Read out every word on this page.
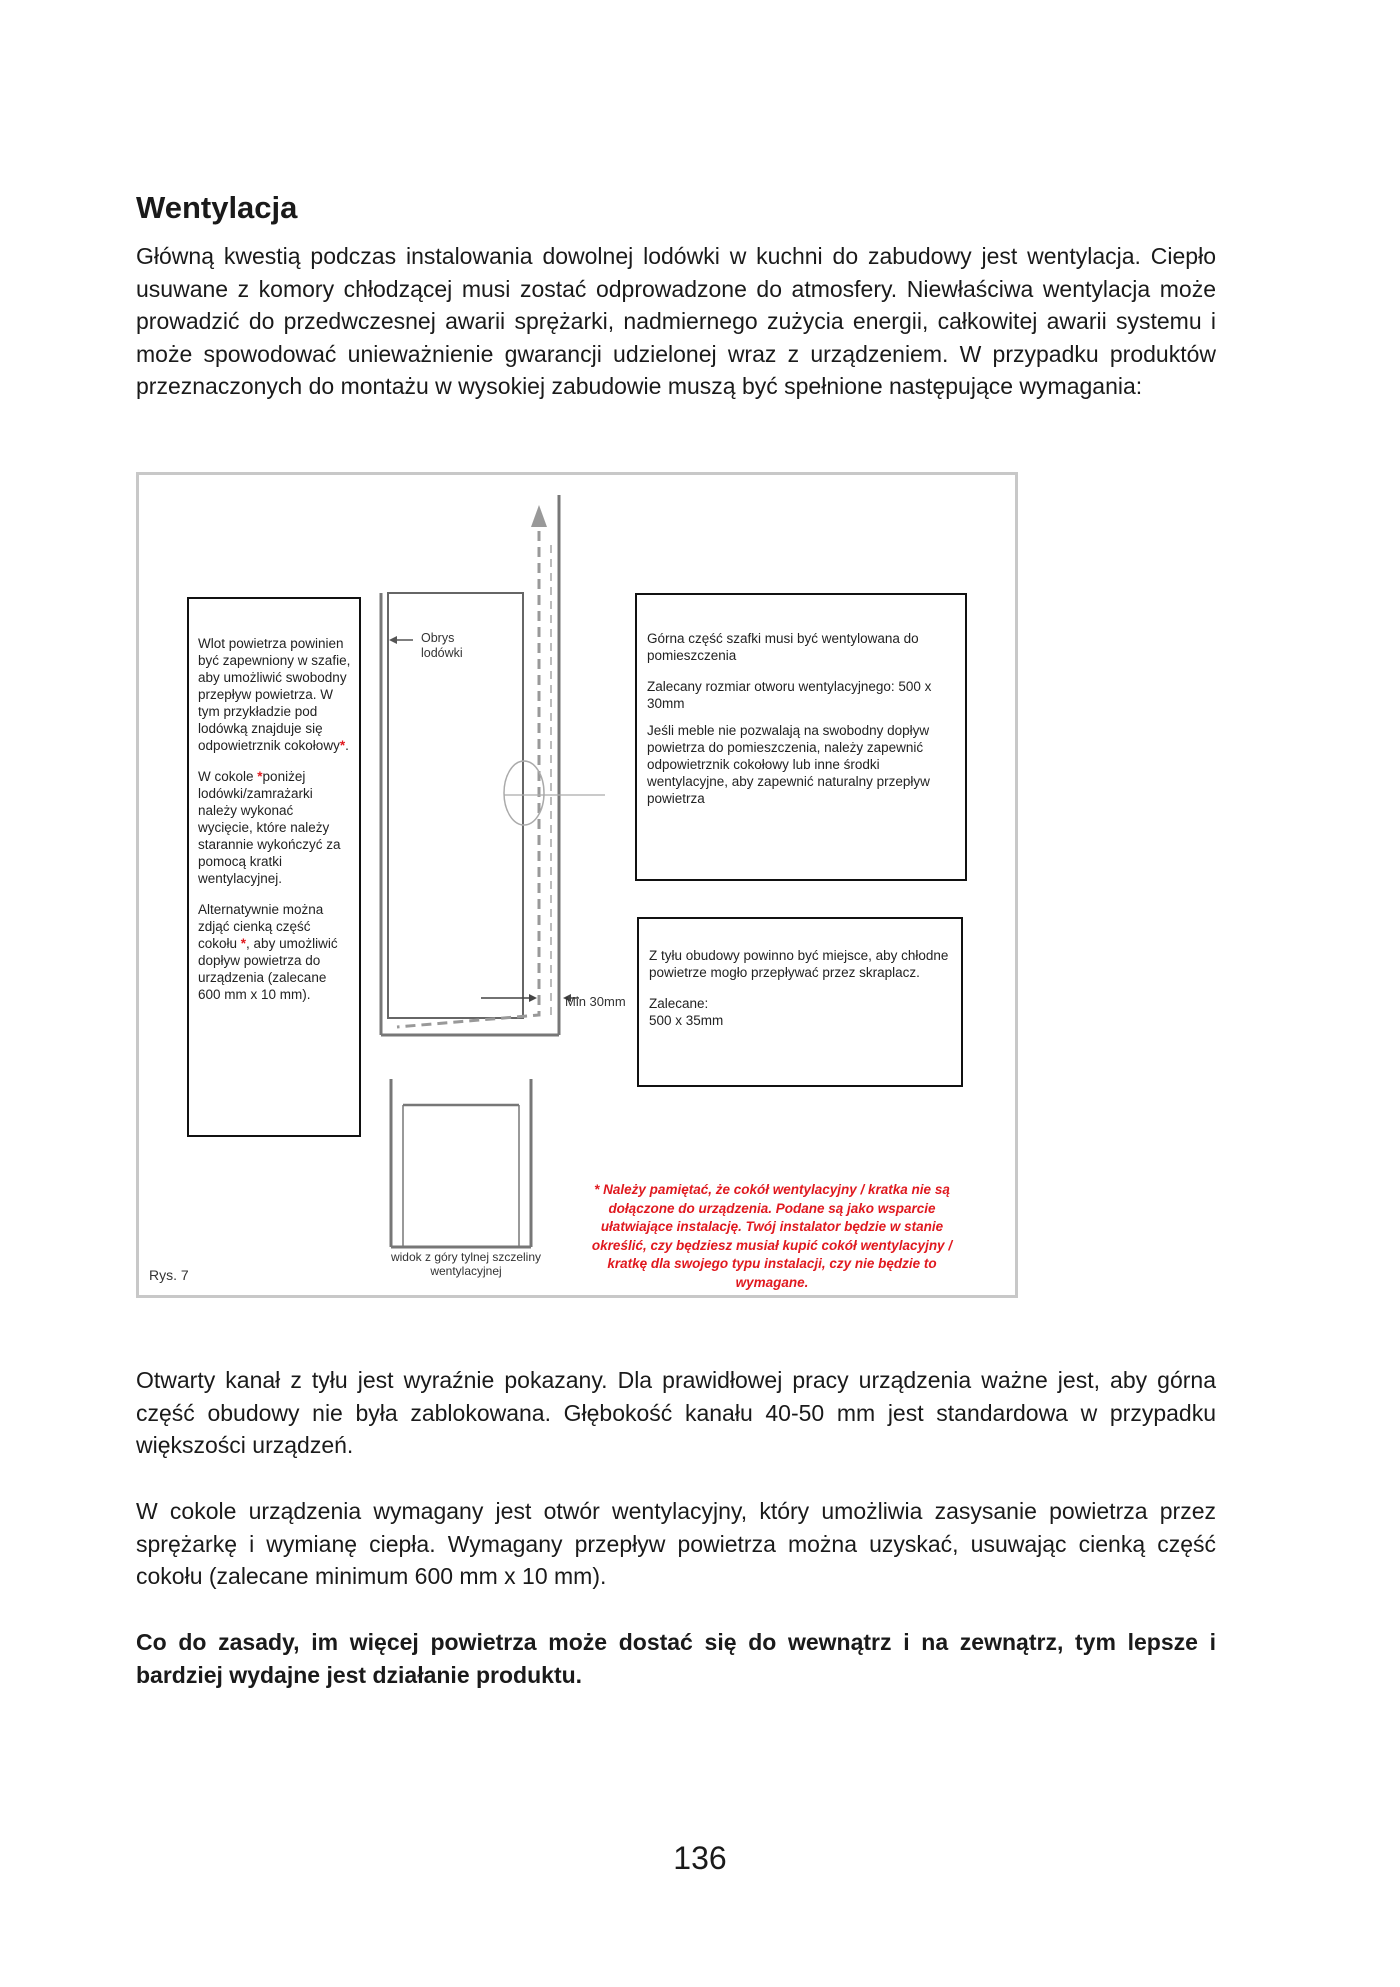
Wentylacja

Główną kwestią podczas instalowania dowolnej lodówki w kuchni do zabudowy jest wentylacja. Ciepło usuwane z komory chłodzącej musi zostać odprowadzone do atmosfery. Niewłaściwa wentylacja może prowadzić do przedwczesnej awarii sprężarki, nadmiernego zużycia energii, całkowitej awarii systemu i może spowodować unieważnienie gwarancji udzielonej wraz z urządzeniem. W przypadku produktów przeznaczonych do montażu w wysokiej zabudowie muszą być spełnione następujące wymagania:

Wlot powietrza powinien być zapewniony w szafie, aby umożliwić swobodny przepływ powietrza. W tym przykładzie pod lodówką znajduje się odpowietrznik cokołowy*.

W cokole *poniżej lodówki/zamrażarki należy wykonać wycięcie, które należy starannie wykończyć za pomocą kratki wentylacyjnej.

Alternatywnie można zdjąć cienką część cokołu *, aby umożliwić dopływ powietrza do urządzenia (zalecane 600 mm x 10 mm).

Obrys lodówki
Min 30mm

Górna część szafki musi być wentylowana do pomieszczenia

Zalecany rozmiar otworu wentylacyjnego: 500 x 30mm

Jeśli meble nie pozwalają na swobodny dopływ powietrza do pomieszczenia, należy zapewnić odpowietrznik cokołowy lub inne środki wentylacyjne, aby zapewnić naturalny przepływ powietrza

Z tyłu obudowy powinno być miejsce, aby chłodne powietrze mogło przepływać przez skraplacz.

Zalecane:

500 x 35mm

widok z góry tylnej szczeliny wentylacyjnej
* Należy pamiętać, że cokół wentylacyjny / kratka nie są dołączone do urządzenia. Podane są jako wsparcie ułatwiające instalację. Twój instalator będzie w stanie określić, czy będziesz musiał kupić cokół wentylacyjny / kratkę dla swojego typu instalacji, czy nie będzie to wymagane.
Rys. 7

Otwarty kanał z tyłu jest wyraźnie pokazany. Dla prawidłowej pracy urządzenia ważne jest, aby górna część obudowy nie była zablokowana. Głębokość kanału 40-50 mm jest standardowa w przypadku większości urządzeń.

W cokole urządzenia wymagany jest otwór wentylacyjny, który umożliwia zasysanie powietrza przez sprężarkę i wymianę ciepła. Wymagany przepływ powietrza można uzyskać, usuwając cienką część cokołu (zalecane minimum 600 mm x 10 mm).

Co do zasady, im więcej powietrza może dostać się do wewnątrz i na zewnątrz, tym lepsze i bardziej wydajne jest działanie produktu.

136
